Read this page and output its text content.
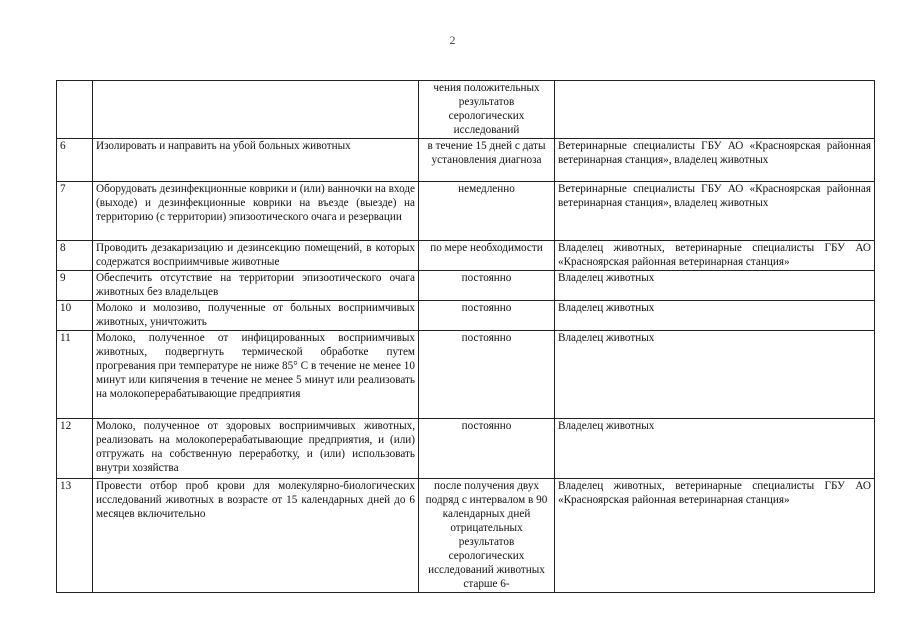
2
		чения положительных результатов серологических исследований	
6	Изолировать и направить на убой больных животных	в течение 15 дней с даты установления диагноза	Ветеринарные специалисты ГБУ АО «Красноярская районная ветеринарная станция», владелец животных
7	Оборудовать дезинфекционные коврики и (или) ванночки на входе (выходе) и дезинфекционные коврики на въезде (выезде) на территорию (с территории) эпизоотического очага и резервации	немедленно	Ветеринарные специалисты ГБУ АО «Красноярская районная ветеринарная станция», владелец животных
8	Проводить дезакаризацию и дезинсекцию помещений, в которых содержатся восприимчивые животные	по мере необходимости	Владелец животных, ветеринарные специалисты ГБУ АО «Красноярская районная ветеринарная станция»
9	Обеспечить отсутствие на территории эпизоотического очага животных без владельцев	постоянно	Владелец животных
10	Молоко и молозиво, полученные от больных восприимчивых животных, уничтожить	постоянно	Владелец животных
11	Молоко, полученное от инфицированных восприимчивых животных, подвергнуть термической обработке путем прогревания при температуре не ниже 85° С в течение не менее 10 минут или кипячения в течение не менее 5 минут или реализовать на молокоперерабатывающие предприятия	постоянно	Владелец животных
12	Молоко, полученное от здоровых восприимчивых животных, реализовать на молокоперерабатывающие предприятия, и (или) отгружать на собственную переработку, и (или) использовать внутри хозяйства	постоянно	Владелец животных
13	Провести отбор проб крови для молекулярно-биологических исследований животных в возрасте от 15 календарных дней до 6 месяцев включительно	после получения двух подряд с интервалом в 90 календарных дней отрицательных результатов серологических исследований животных старше 6-	Владелец животных, ветеринарные специалисты ГБУ АО «Красноярская районная ветеринарная станция»
